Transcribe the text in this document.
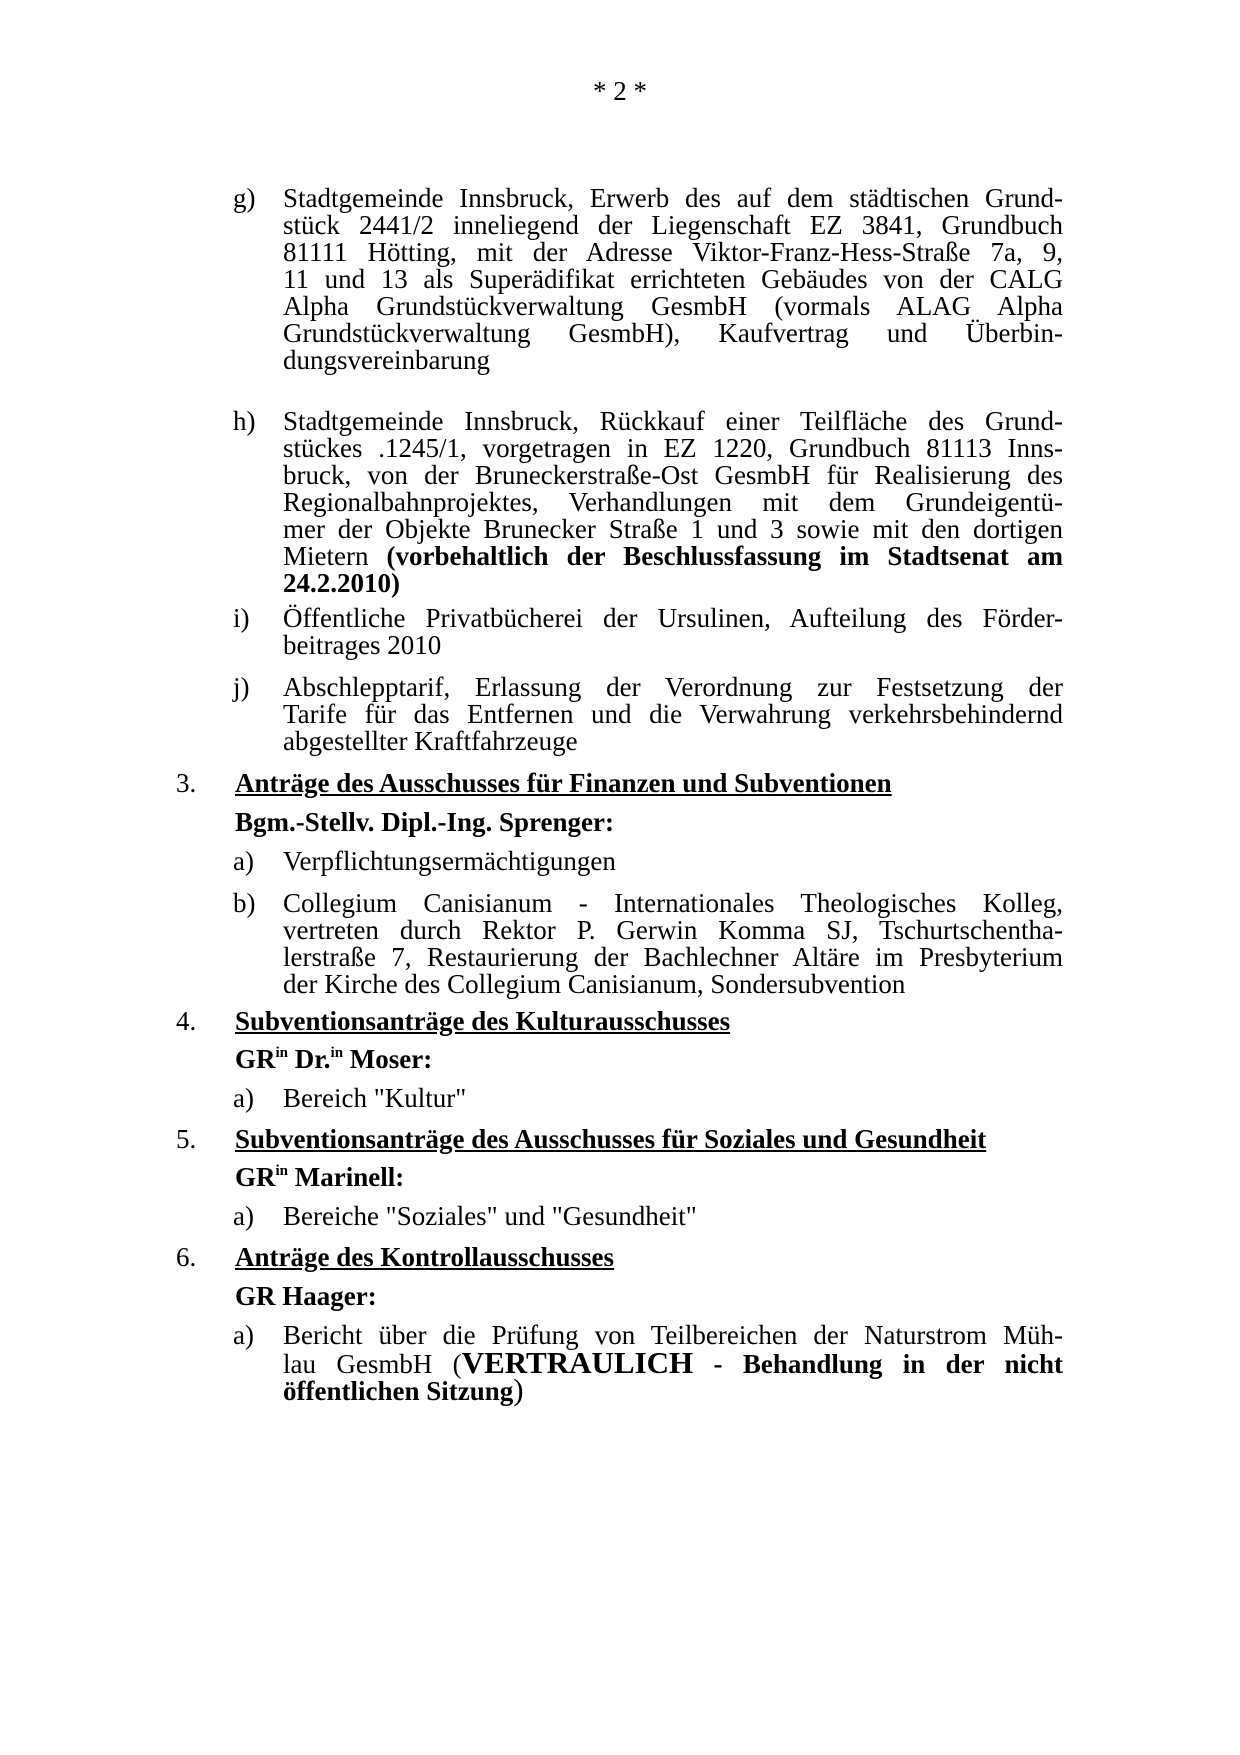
* 2 *
g) Stadtgemeinde Innsbruck, Erwerb des auf dem städtischen Grund-
stück 2441/2 inneliegend der Liegenschaft EZ 3841, Grundbuch
81111 Hötting, mit der Adresse Viktor-Franz-Hess-Straße 7a, 9,
11 und 13 als Superädifikat errichteten Gebäudes von der CALG
Alpha Grundstückverwaltung GesmbH (vormals ALAG Alpha
Grundstückverwaltung GesmbH), Kaufvertrag und Überbin-
dungsvereinbarung
h) Stadtgemeinde Innsbruck, Rückkauf einer Teilfläche des Grund-
stückes .1245/1, vorgetragen in EZ 1220, Grundbuch 81113 Inns-
bruck, von der Bruneckerstraße-Ost GesmbH für Realisierung des
Regionalbahnprojektes, Verhandlungen mit dem Grundeigentü-
mer der Objekte Brunecker Straße 1 und 3 sowie mit den dortigen
Mietern (vorbehaltlich der Beschlussfassung im Stadtsenat am
24.2.2010)
i) Öffentliche Privatbücherei der Ursulinen, Aufteilung des Förder-
beitrages 2010
j) Abschlepptarif, Erlassung der Verordnung zur Festsetzung der
Tarife für das Entfernen und die Verwahrung verkehrsbehindernd
abgestellter Kraftfahrzeuge
3. Anträge des Ausschusses für Finanzen und Subventionen
Bgm.-Stellv. Dipl.-Ing. Sprenger:
a) Verpflichtungsermächtigungen
b) Collegium Canisianum - Internationales Theologisches Kolleg,
vertreten durch Rektor P. Gerwin Komma SJ, Tschurtschentha-
lerstraße 7, Restaurierung der Bachlechner Altäre im Presbyterium
der Kirche des Collegium Canisianum, Sondersubvention
4. Subventionsanträge des Kulturausschusses
$GR^{in}$ Dr.$^{in}$ Moser:
a) Bereich "Kultur"
5. Subventionsanträge des Ausschusses für Soziales und Gesundheit
$GR^{in}$ Marinell:
a) Bereiche "Soziales" und "Gesundheit"
6. Anträge des Kontrollausschusses
GR Haager:
a) Bericht über die Prüfung von Teilbereichen der Naturstrom Müh-
lau GesmbH (VERTRAULICH - Behandlung in der nicht
öffentlichen Sitzung)
